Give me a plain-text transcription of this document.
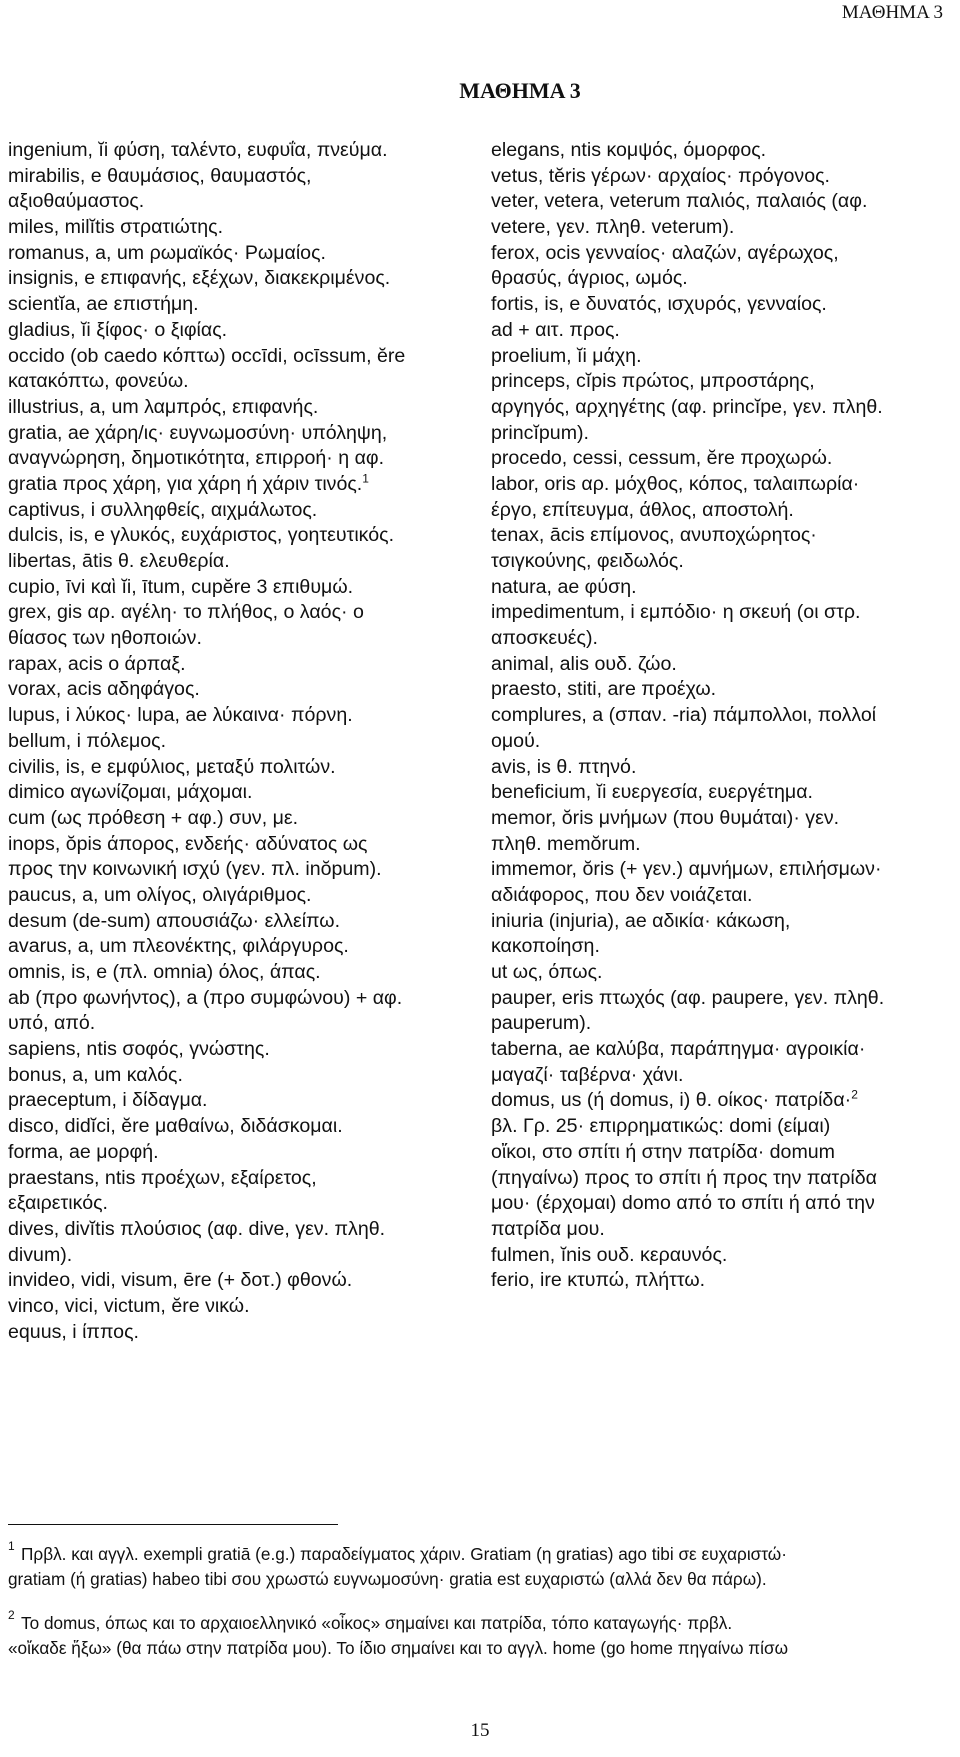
ΜΑΘΗΜΑ 3
ΜΑΘΗΜΑ 3
ingenium, ĭi φύση, ταλέντο, ευφυΐα, πνεύμα.
mirabilis, e θαυμάσιος, θαυμαστός,
αξιοθαύμαστος.
miles, milĭtis στρατιώτης.
romanus, a, um ρωμαϊκός· Ρωμαίος.
insignis, e επιφανής, εξέχων, διακεκριμένος.
scientĭa, ae επιστήμη.
gladius, ĭi ξίφος· ο ξιφίας.
occido (ob caedo κόπτω) occīdi, ocīssum, ĕre
κατακόπτω, φονεύω.
illustrius, a, um λαμπρός, επιφανής.
gratia, ae χάρη/ις· ευγνωμοσύνη· υπόληψη,
αναγνώρηση, δημοτικότητα, επιρροή· η αφ.
gratia προς χάρη, για χάρη ή χάριν τινός.$^1$
captivus, i συλληφθείς, αιχμάλωτος.
dulcis, is, e γλυκός, ευχάριστος, γοητευτικός.
libertas, ātis θ. ελευθερία.
cupio, īvi καὶ ĭi, ītum, cupĕre 3 επιθυμώ.
grex, gis αρ. αγέλη· το πλήθος, ο λαός· ο
θίασος των ηθοποιών.
rapax, acis ο άρπαξ.
vorax, acis αδηφάγος.
lupus, i λύκος· lupa, ae λύκαινα· πόρνη.
bellum, i πόλεμος.
civilis, is, e εμφύλιος, μεταξύ πολιτών.
dimico αγωνίζομαι, μάχομαι.
cum (ως πρόθεση + αφ.) συν, με.
inops, ŏpis άπορος, ενδεής· αδύνατος ως
προς την κοινωνική ισχύ (γεν. πλ. inŏpum).
paucus, a, um ολίγος, ολιγάριθμος.
desum (de-sum) απουσιάζω· ελλείπω.
avarus, a, um πλεονέκτης, φιλάργυρος.
omnis, is, e (πλ. omnia) όλος, άπας.
ab (προ φωνήντος), a (προ συμφώνου) + αφ.
υπό, από.
sapiens, ntis σοφός, γνώστης.
bonus, a, um καλός.
praeceptum, i δίδαγμα.
disco, didĭci, ĕre μαθαίνω, διδάσκομαι.
forma, ae μορφή.
praestans, ntis προέχων, εξαίρετος,
εξαιρετικός.
dives, divĭtis πλούσιος (αφ. dive, γεν. πληθ.
divum).
invideo, vidi, visum, ēre (+ δοτ.) φθονώ.
vinco, vici, victum, ĕre νικώ.
equus, i ίππος.
elegans, ntis κομψός, όμορφος.
vetus, tĕris γέρων· αρχαίος· πρόγονος.
veter, vetera, veterum παλιός, παλαιός (αφ.
vetere, γεν. πληθ. veterum).
ferox, ocis γενναίος· αλαζών, αγέρωχος,
θρασύς, άγριος, ωμός.
fortis, is, e δυνατός, ισχυρός, γενναίος.
ad + αιτ. προς.
proelium, ĭi μάχη.
princeps, cĭpis πρώτος, μπροστάρης,
αργηγός, αρχηγέτης (αφ. princĭpe, γεν. πληθ.
princĭpum).
procedo, cessi, cessum, ĕre προχωρώ.
labor, oris αρ. μόχθος, κόπος, ταλαιπωρία·
έργο, επίτευγμα, άθλος, αποστολή.
tenax, ācis επίμονος, ανυποχώρητος·
τσιγκούνης, φειδωλός.
natura, ae φύση.
impedimentum, i εμπόδιο· η σκευή (οι στρ.
αποσκευές).
animal, alis ουδ. ζώο.
praesto, stiti, are προέχω.
complures, a (σπαν. -ria) πάμπολλοι, πολλοί
ομού.
avis, is θ. πτηνό.
beneficium, ĭi ευεργεσία, ευεργέτημα.
memor, ŏris μνήμων (που θυμάται)· γεν.
πληθ. memŏrum.
immemor, ŏris (+ γεν.) αμνήμων, επιλήσμων·
αδιάφορος, που δεν νοιάζεται.
iniuria (injuria), ae αδικία· κάκωση,
κακοποίηση.
ut ως, όπως.
pauper, eris πτωχός (αφ. paupere, γεν. πληθ.
pauperum).
taberna, ae καλύβα, παράπηγμα· αγροικία·
μαγαζί· ταβέρνα· χάνι.
domus, us (ή domus, i) θ. οίκος· πατρίδα·$^2$
βλ. Γρ. 25· επιρρηματικώς: domi (είμαι)
οἴκοι, στο σπίτι ή στην πατρίδα· domum
(πηγαίνω) προς το σπίτι ή προς την πατρίδα
μου· (έρχομαι) domo από το σπίτι ή από την
πατρίδα μου.
fulmen, ĭnis ουδ. κεραυνός.
ferio, ire κτυπώ, πλήττω.
1 Πρβλ. και αγγλ. exempli gratiā (e.g.) παραδείγματος χάριν. Gratiam (η gratias) ago tibi σε ευχαριστώ·
gratiam (ή gratias) habeo tibi σου χρωστώ ευγνωμοσύνη· gratia est ευχαριστώ (αλλά δεν θα πάρω).
2 Το domus, όπως και το αρχαιοελληνικό «οἶκος» σημαίνει και πατρίδα, τόπο καταγωγής· πρβλ.
«οἴκαδε ἥξω» (θα πάω στην πατρίδα μου). Το ίδιο σημαίνει και το αγγλ. home (go home πηγαίνω πίσω
15
